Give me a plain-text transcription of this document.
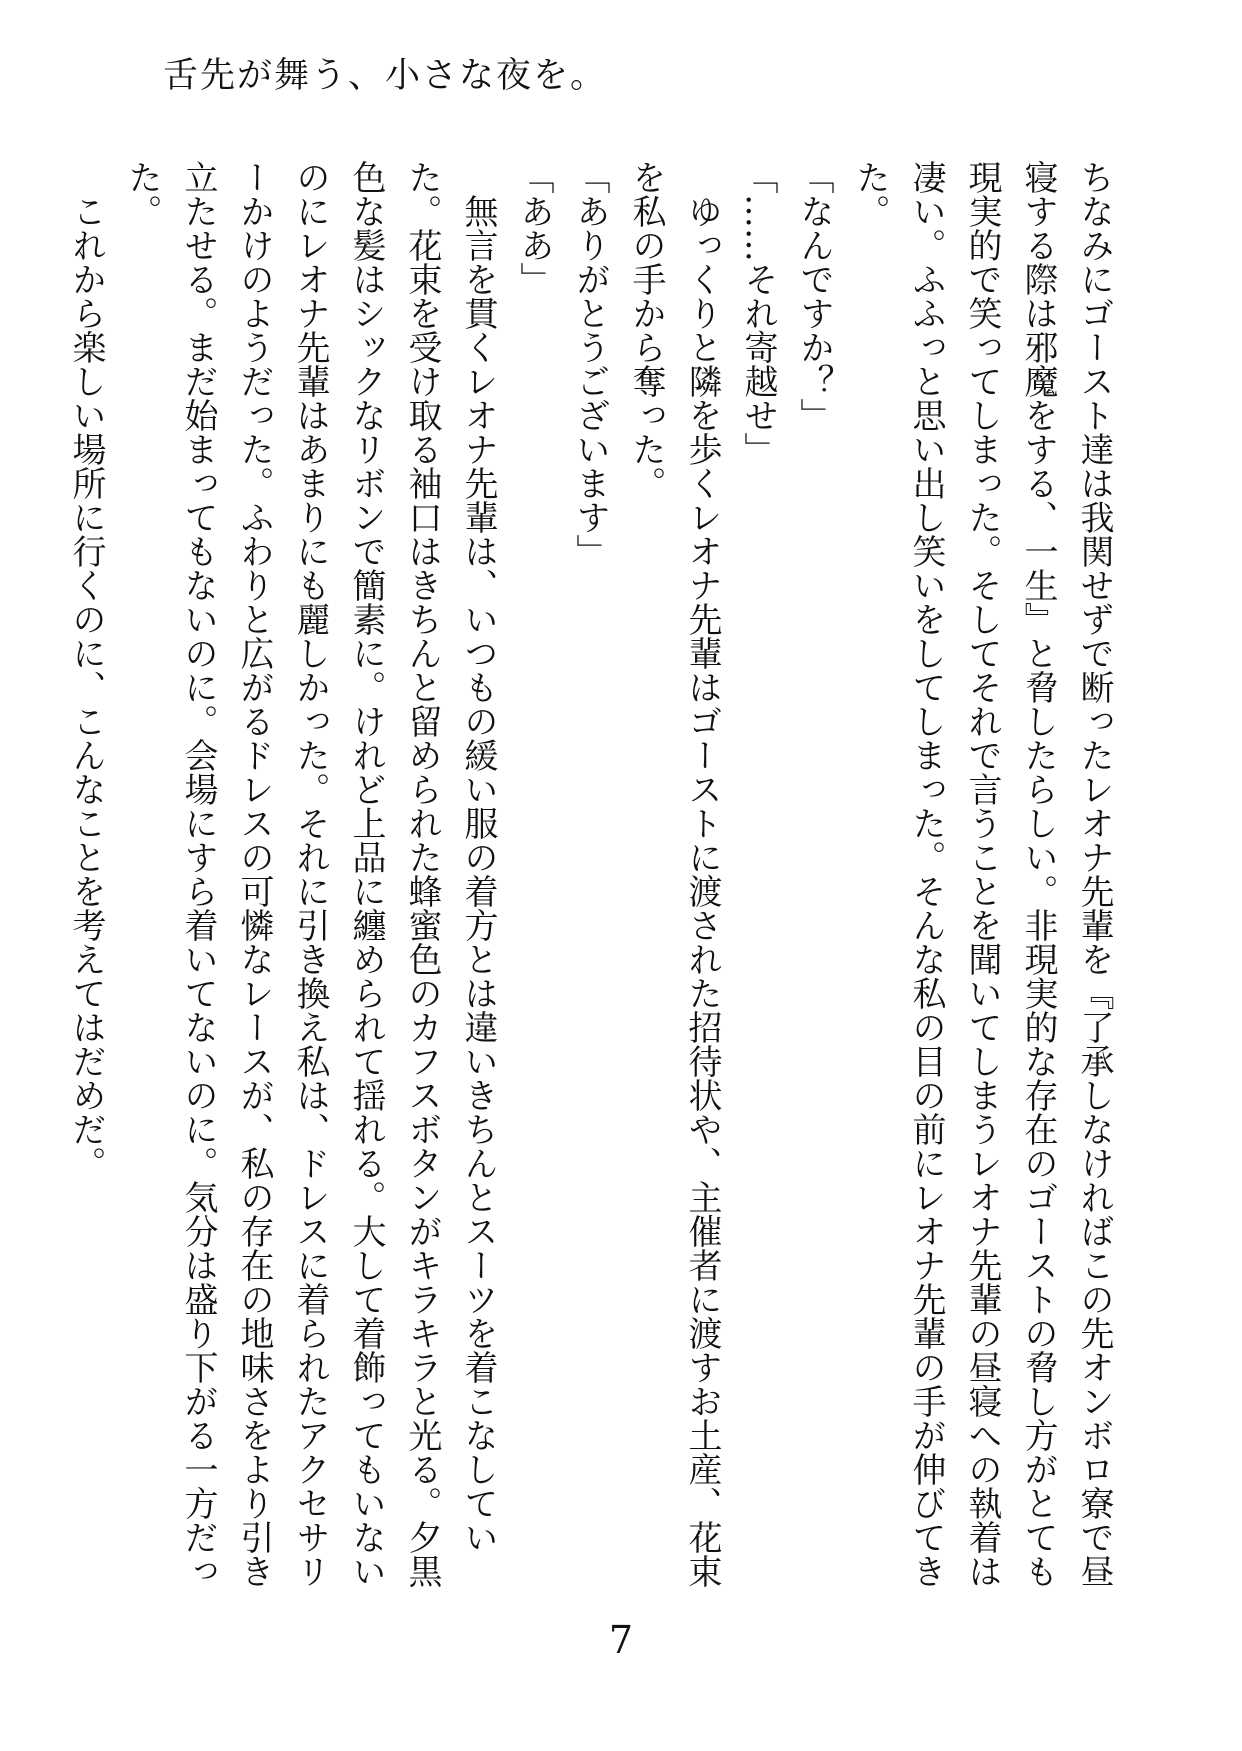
舌先が舞う、小さな夜を。

ちなみにゴースト達は我関せずで断ったレオナ先輩を『了承しなければこの先オンボロ寮で昼寝する際は邪魔をする、一生』と脅したらしい。非現実的な存在のゴーストの脅し方がとても現実的で笑ってしまった。そしてそれで言うことを聞いてしまうレオナ先輩の昼寝への執着は凄い。ふふっと思い出し笑いをしてしまった。そんな私の目の前にレオナ先輩の手が伸びてきた。

「なんですか？」

「……それ寄越せ」

　ゆっくりと隣を歩くレオナ先輩はゴーストに渡された招待状や、主催者に渡すお土産、花束を私の手から奪った。

「ありがとうございます」

「ああ」

　無言を貫くレオナ先輩は、いつもの緩い服の着方とは違いきちんとスーツを着こなしていた。花束を受け取る袖口はきちんと留められた蜂蜜色のカフスボタンがキラキラと光る。夕黒色な髪はシックなリボンで簡素に。けれど上品に纏められて揺れる。大して着飾ってもいないのにレオナ先輩はあまりにも麗しかった。それに引き換え私は、ドレスに着られたアクセサリーかけのようだった。ふわりと広がるドレスの可憐なレースが、私の存在の地味さをより引き立たせる。まだ始まってもないのに。会場にすら着いてないのに。気分は盛り下がる一方だった。

　これから楽しい場所に行くのに、こんなことを考えてはだめだ。

7
